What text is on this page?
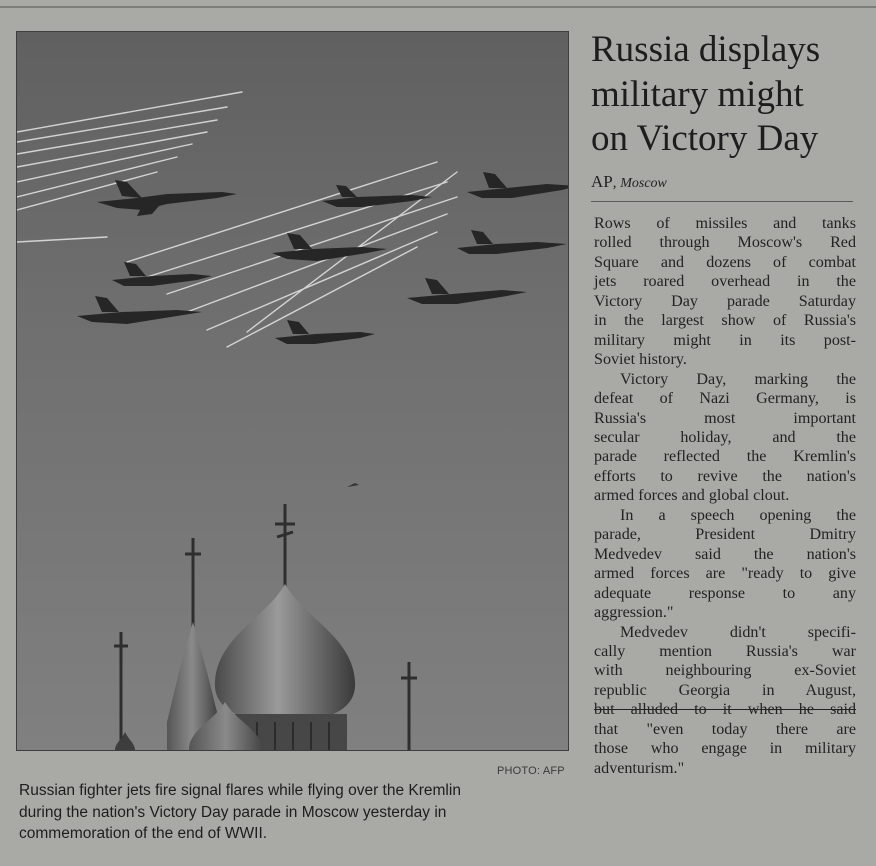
PHOTO: AFP
Russian fighter jets fire signal flares while flying over the Kremlin
during the nation's Victory Day parade in Moscow yesterday in
commemoration of the end of WWII.
Russia displays
military might
on Victory Day
AP, Moscow
Rows of missiles and tanks
rolled through Moscow's Red
Square and dozens of combat
jets roared overhead in the
Victory Day parade Saturday
in the largest show of Russia's
military might in its post-
Soviet history.
Victory Day, marking the
defeat of Nazi Germany, is
Russia's most important
secular holiday, and the
parade reflected the Kremlin's
efforts to revive the nation's
armed forces and global clout.
In a speech opening the
parade, President Dmitry
Medvedev said the nation's
armed forces are "ready to give
adequate response to any
aggression."
Medvedev didn't specifi-
cally mention Russia's war
with neighbouring ex-Soviet
republic Georgia in August,
but alluded to it when he said
that "even today there are
those who engage in military
adventurism."
